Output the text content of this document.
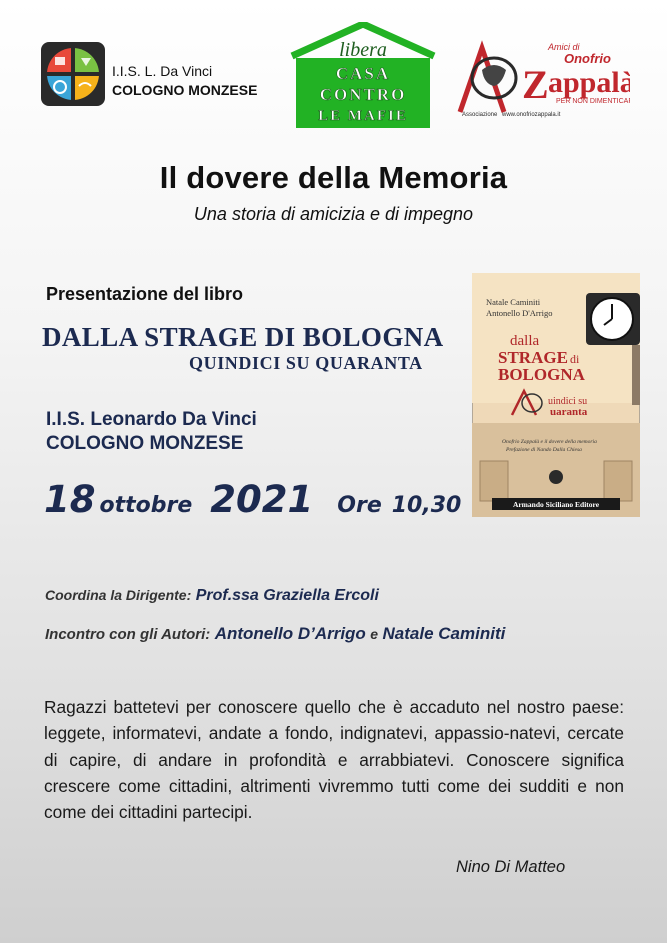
I.I.S. L. Da Vinci
COLOGNO MONZESE
libera
CASA
CONTRO
LE MAFIE
Amici di
Onofrio
Z appalà
PER NON DIMENTICARE
Associazione www.onofriozappala.it
Il dovere della Memoria
Una storia di amicizia e di impegno
Presentazione del libro
DALLA STRAGE DI BOLOGNA
QUINDICI SU QUARANTA
I.I.S. Leonardo Da Vinci
COLOGNO MONZESE
18 ottobre 2021 Ore 10,30
Natale Caminiti
Antonello D'Arrigo
dalla
STRAGE di
BOLOGNA
uindici su
uaranta
Onofrio Zappalà e il dovere della memoria
Prefazione di Nando Dalla Chiesa
Armando Siciliano Editore
Coordina la Dirigente: Prof.ssa Graziella Ercoli
Incontro con gli Autori: Antonello D’Arrigo e Natale Caminiti
Ragazzi battetevi per conoscere quello che è accaduto nel nostro paese: leggete, informatevi, andate a fondo, indignatevi, appassio-natevi, cercate di capire, di andare in profondità e arrabbiatevi. Conoscere significa crescere come cittadini, altrimenti vivremmo tutti come dei sudditi e non come dei cittadini partecipi.
Nino Di Matteo
